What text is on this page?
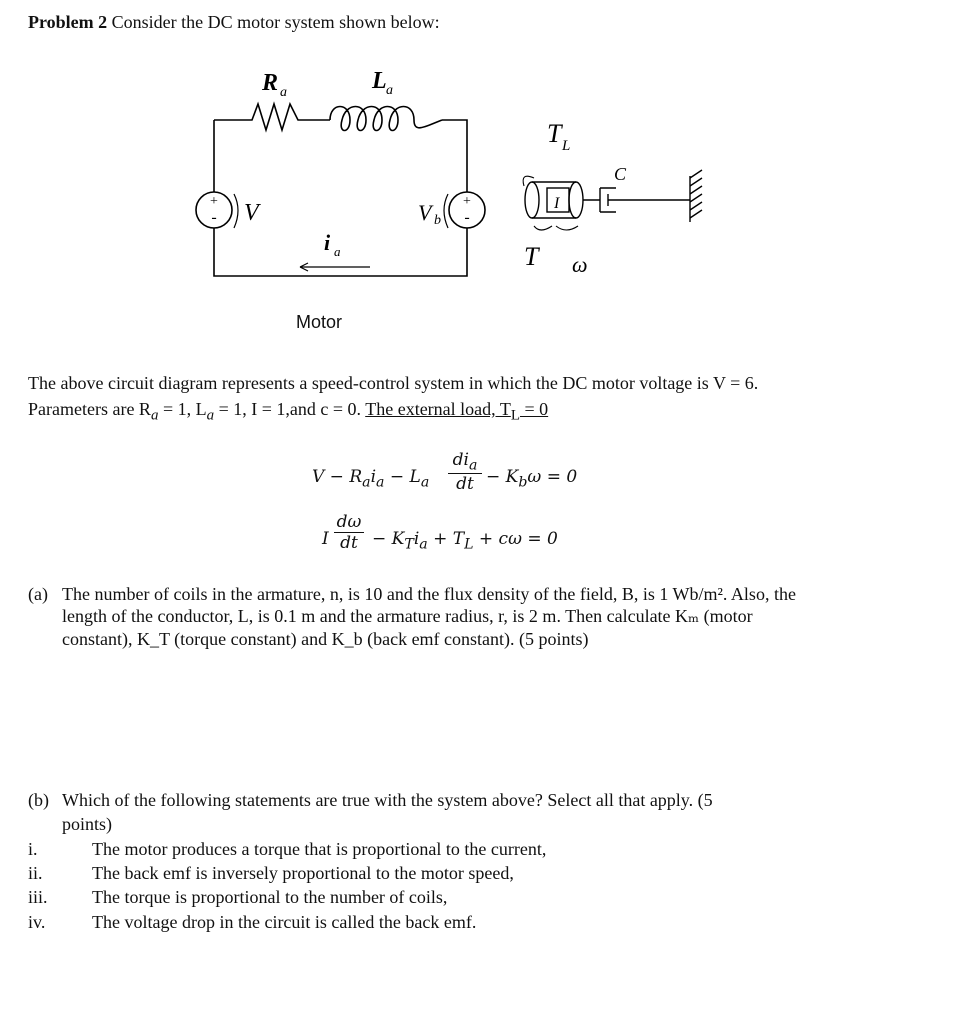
Problem 2 Consider the DC motor system shown below:
+
- V	+
-
V b
R a	L a
i a
T L
I
C
T ω
Motor
The above circuit diagram represents a speed-control system in which the DC motor voltage is V = 6.
Parameters are $R_a = 1$, $L_a = 1$, I = 1,and c = 0. The external load, $T_L = 0$
$V - R_ai_a - L_a$
$di_a$
dt − $K_b\omega = 0$
I
dω
dt − $K_Ti_a + T_L + c\omega = 0$
(a) The number of coils in the armature, n, is 10 and the flux density of the field, B, is 1 Wb/m². Also, the
length of the conductor, L, is 0.1 m and the armature radius, r, is 2 m. Then calculate Kₘ (motor
constant), K_T (torque constant) and K_b (back emf constant). (5 points)
(b) Which of the following statements are true with the system above? Select all that apply. (5
points)
i.	The motor produces a torque that is proportional to the current,
ii.	The back emf is inversely proportional to the motor speed,
iii. The torque is proportional to the number of coils,
iv.	The voltage drop in the circuit is called the back emf.
